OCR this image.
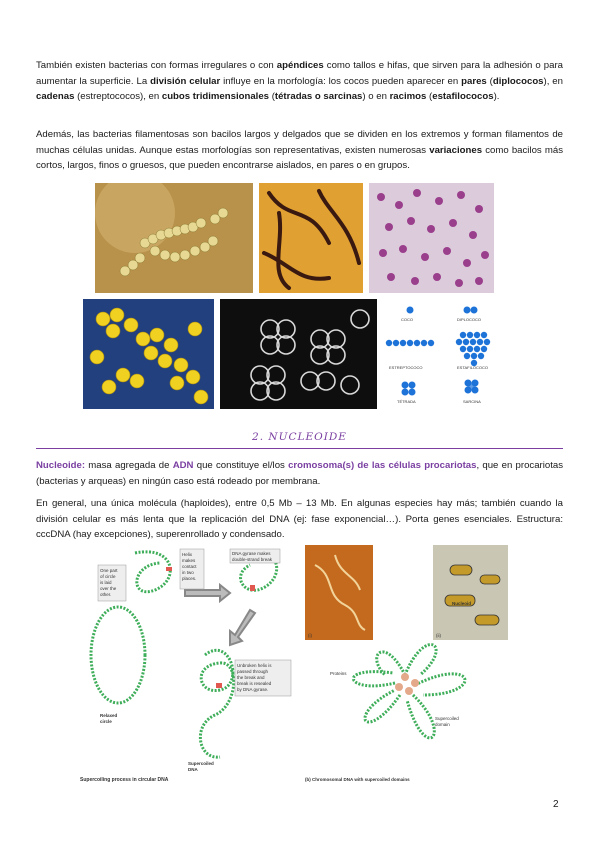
También existen bacterias con formas irregulares o con apéndices como tallos e hifas, que sirven para la adhesión o para aumentar la superficie. La división celular influye en la morfología: los cocos pueden aparecer en pares (diplococos), en cadenas (estreptococos), en cubos tridimensionales (tétradas o sarcinas) o en racimos (estafilococos).
Además, las bacterias filamentosas son bacilos largos y delgados que se dividen en los extremos y forman filamentos de muchas células unidas. Aunque estas morfologías son representativas, existen numerosas variaciones como bacilos más cortos, largos, finos o gruesos, que pueden encontrarse aislados, en pares o en grupos.
COCO	DIPLOCOCO
ESTREPTOCOCO	ESTAFILOCOCO
TÉTRADA	SARCINA
2. NUCLEOIDE
Nucleoide: masa agregada de ADN que constituye el/los cromosoma(s) de las células procariotas, que en procariotas (bacterias y arqueas) en ningún caso está rodeado por membrana.
En general, una única molécula (haploides), entre 0,5 Mb – 13 Mb. En algunas especies hay más; también cuando la división celular es más lenta que la replicación del DNA (ej: fase exponencial…). Porta genes esenciales. Estructura: cccDNA (hay excepciones), superenrollado y condensado.
One part
of circle
is laid
over the
other.
Helix
makes
contact
in two
places.
DNA gyrase makes
double-strand break
Unbroken helix is
passed through
the break and
break is resealed
by DNA gyrase.
Relaxed
circle
Supercoiled
DNA
Supercoiling process in circular DNA
(i)	(ii)
Nucleoid
Proteins
Supercoiled
domain
(b) Chromosomal DNA with supercoiled domains
2
